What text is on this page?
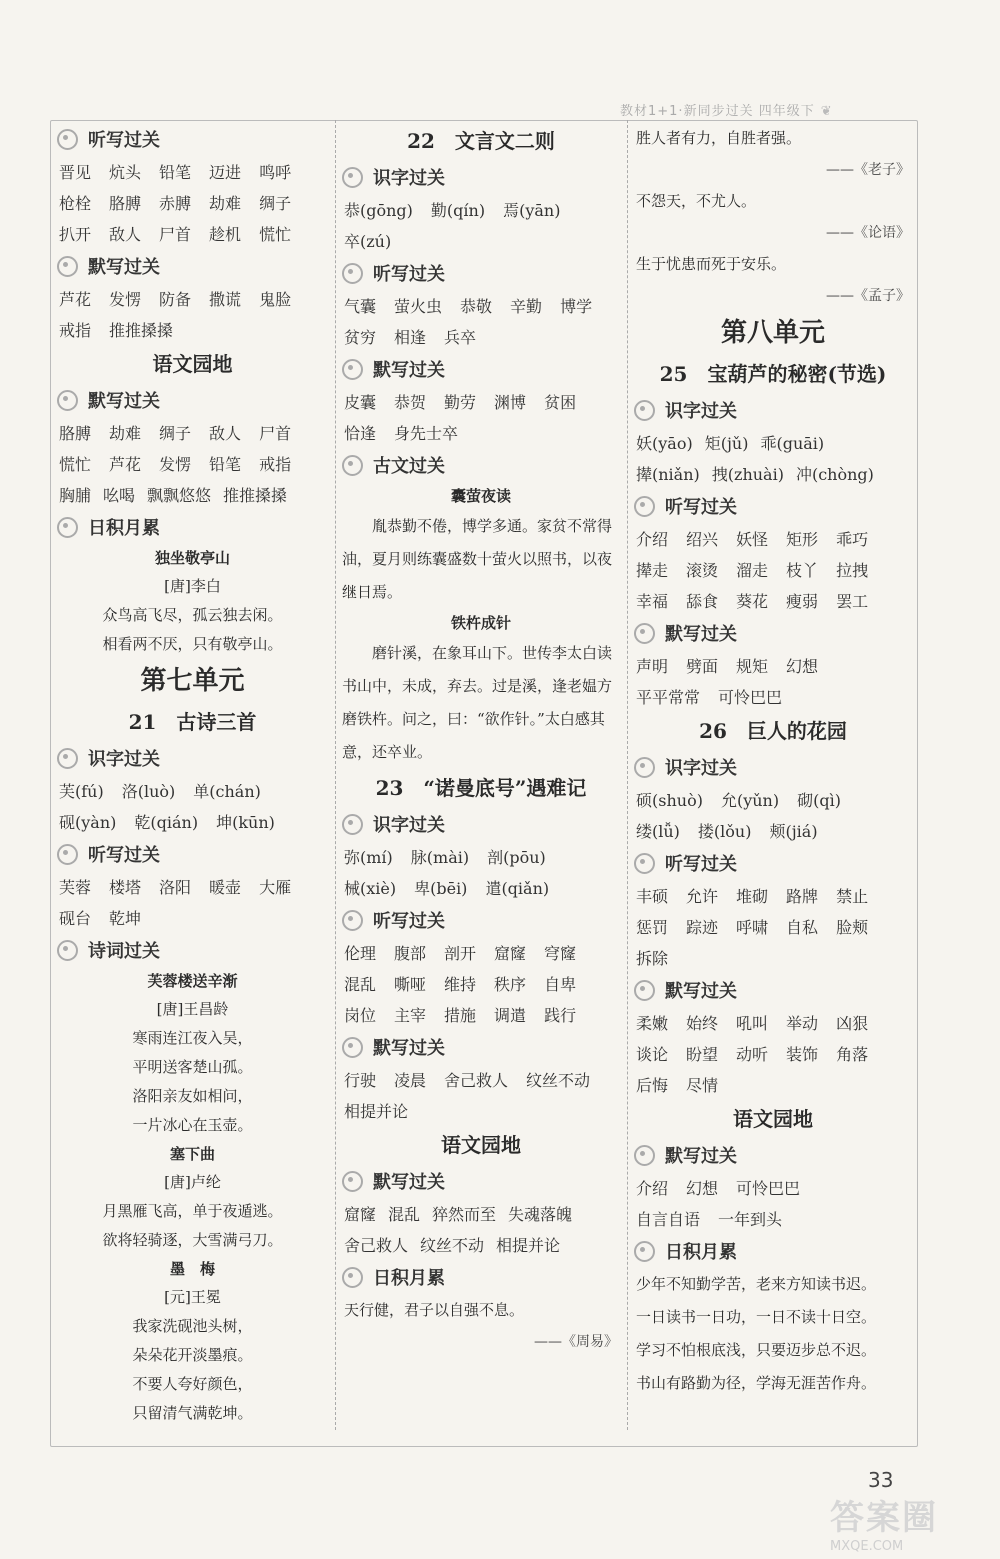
教材1+1·新同步过关 四年级下 ❦
听写过关
晋见 炕头 铅笔 迈进 鸣呼
枪栓 胳膊 赤膊 劫难 绸子
扒开 敌人 尸首 趁机 慌忙
默写过关
芦花 发愣 防备 撒谎 鬼脸
戒指 推推搡搡
语文园地
默写过关
胳膊 劫难 绸子 敌人 尸首
慌忙 芦花 发愣 铅笔 戒指
胸脯 吆喝 飘飘悠悠 推推搡搡
日积月累
独坐敬亭山
[唐]李白
众鸟高飞尽，孤云独去闲。
相看两不厌，只有敬亭山。
第七单元
21　古诗三首
识字过关
芙(fú) 洛(luò) 单(chán)
砚(yàn) 乾(qián) 坤(kūn)
听写过关
芙蓉 楼塔 洛阳 暖壶 大雁
砚台 乾坤
诗词过关
芙蓉楼送辛渐
[唐]王昌龄
寒雨连江夜入吴，
平明送客楚山孤。
洛阳亲友如相问，
一片冰心在玉壶。
塞下曲
[唐]卢纶
月黑雁飞高，单于夜遁逃。
欲将轻骑逐，大雪满弓刀。
墨　梅
[元]王冕
我家洗砚池头树，
朵朵花开淡墨痕。
不要人夸好颜色，
只留清气满乾坤。
22　文言文二则
识字过关
恭(gōng) 勤(qín) 焉(yān)
卒(zú)
听写过关
气囊 萤火虫 恭敬 辛勤 博学
贫穷 相逢 兵卒
默写过关
皮囊 恭贺 勤劳 渊博 贫困
恰逢 身先士卒
古文过关
囊萤夜读
胤恭勤不倦，博学多通。家贫不常得油，夏月则练囊盛数十萤火以照书，以夜继日焉。
铁杵成针
磨针溪，在象耳山下。世传李太白读书山中，未成，弃去。过是溪，逢老媪方磨铁杵。问之，曰：“欲作针。”太白感其意，还卒业。
23　“诺曼底号”遇难记
识字过关
弥(mí) 脉(mài) 剖(pōu)
械(xiè) 卑(bēi) 遣(qiǎn)
听写过关
伦理 腹部 剖开 窟窿 穹窿
混乱 嘶哑 维持 秩序 自卑
岗位 主宰 措施 调遣 践行
默写过关
行驶 凌晨 舍己救人 纹丝不动
相提并论
语文园地
默写过关
窟窿 混乱 猝然而至 失魂落魄
舍己救人 纹丝不动 相提并论
日积月累
天行健，君子以自强不息。
——《周易》
胜人者有力，自胜者强。
——《老子》
不怨天，不尤人。
——《论语》
生于忧患而死于安乐。
——《孟子》
第八单元
25　宝葫芦的秘密(节选)
识字过关
妖(yāo) 矩(jǔ) 乖(guāi)
撵(niǎn) 拽(zhuài) 冲(chòng)
听写过关
介绍 绍兴 妖怪 矩形 乖巧
撵走 滚烫 溜走 枝丫 拉拽
幸福 舔食 葵花 瘦弱 罢工
默写过关
声明 劈面 规矩 幻想
平平常常 可怜巴巴
26　巨人的花园
识字过关
硕(shuò) 允(yǔn) 砌(qì)
缕(lǚ) 搂(lǒu) 颊(jiá)
听写过关
丰硕 允许 堆砌 路牌 禁止
惩罚 踪迹 呼啸 自私 脸颊
拆除
默写过关
柔嫩 始终 吼叫 举动 凶狠
谈论 盼望 动听 装饰 角落
后悔 尽情
语文园地
默写过关
介绍 幻想 可怜巴巴
自言自语 一年到头
日积月累
少年不知勤学苦，老来方知读书迟。
一日读书一日功，一日不读十日空。
学习不怕根底浅，只要迈步总不迟。
书山有路勤为径，学海无涯苦作舟。
33
答案圈
MXQE.COM
